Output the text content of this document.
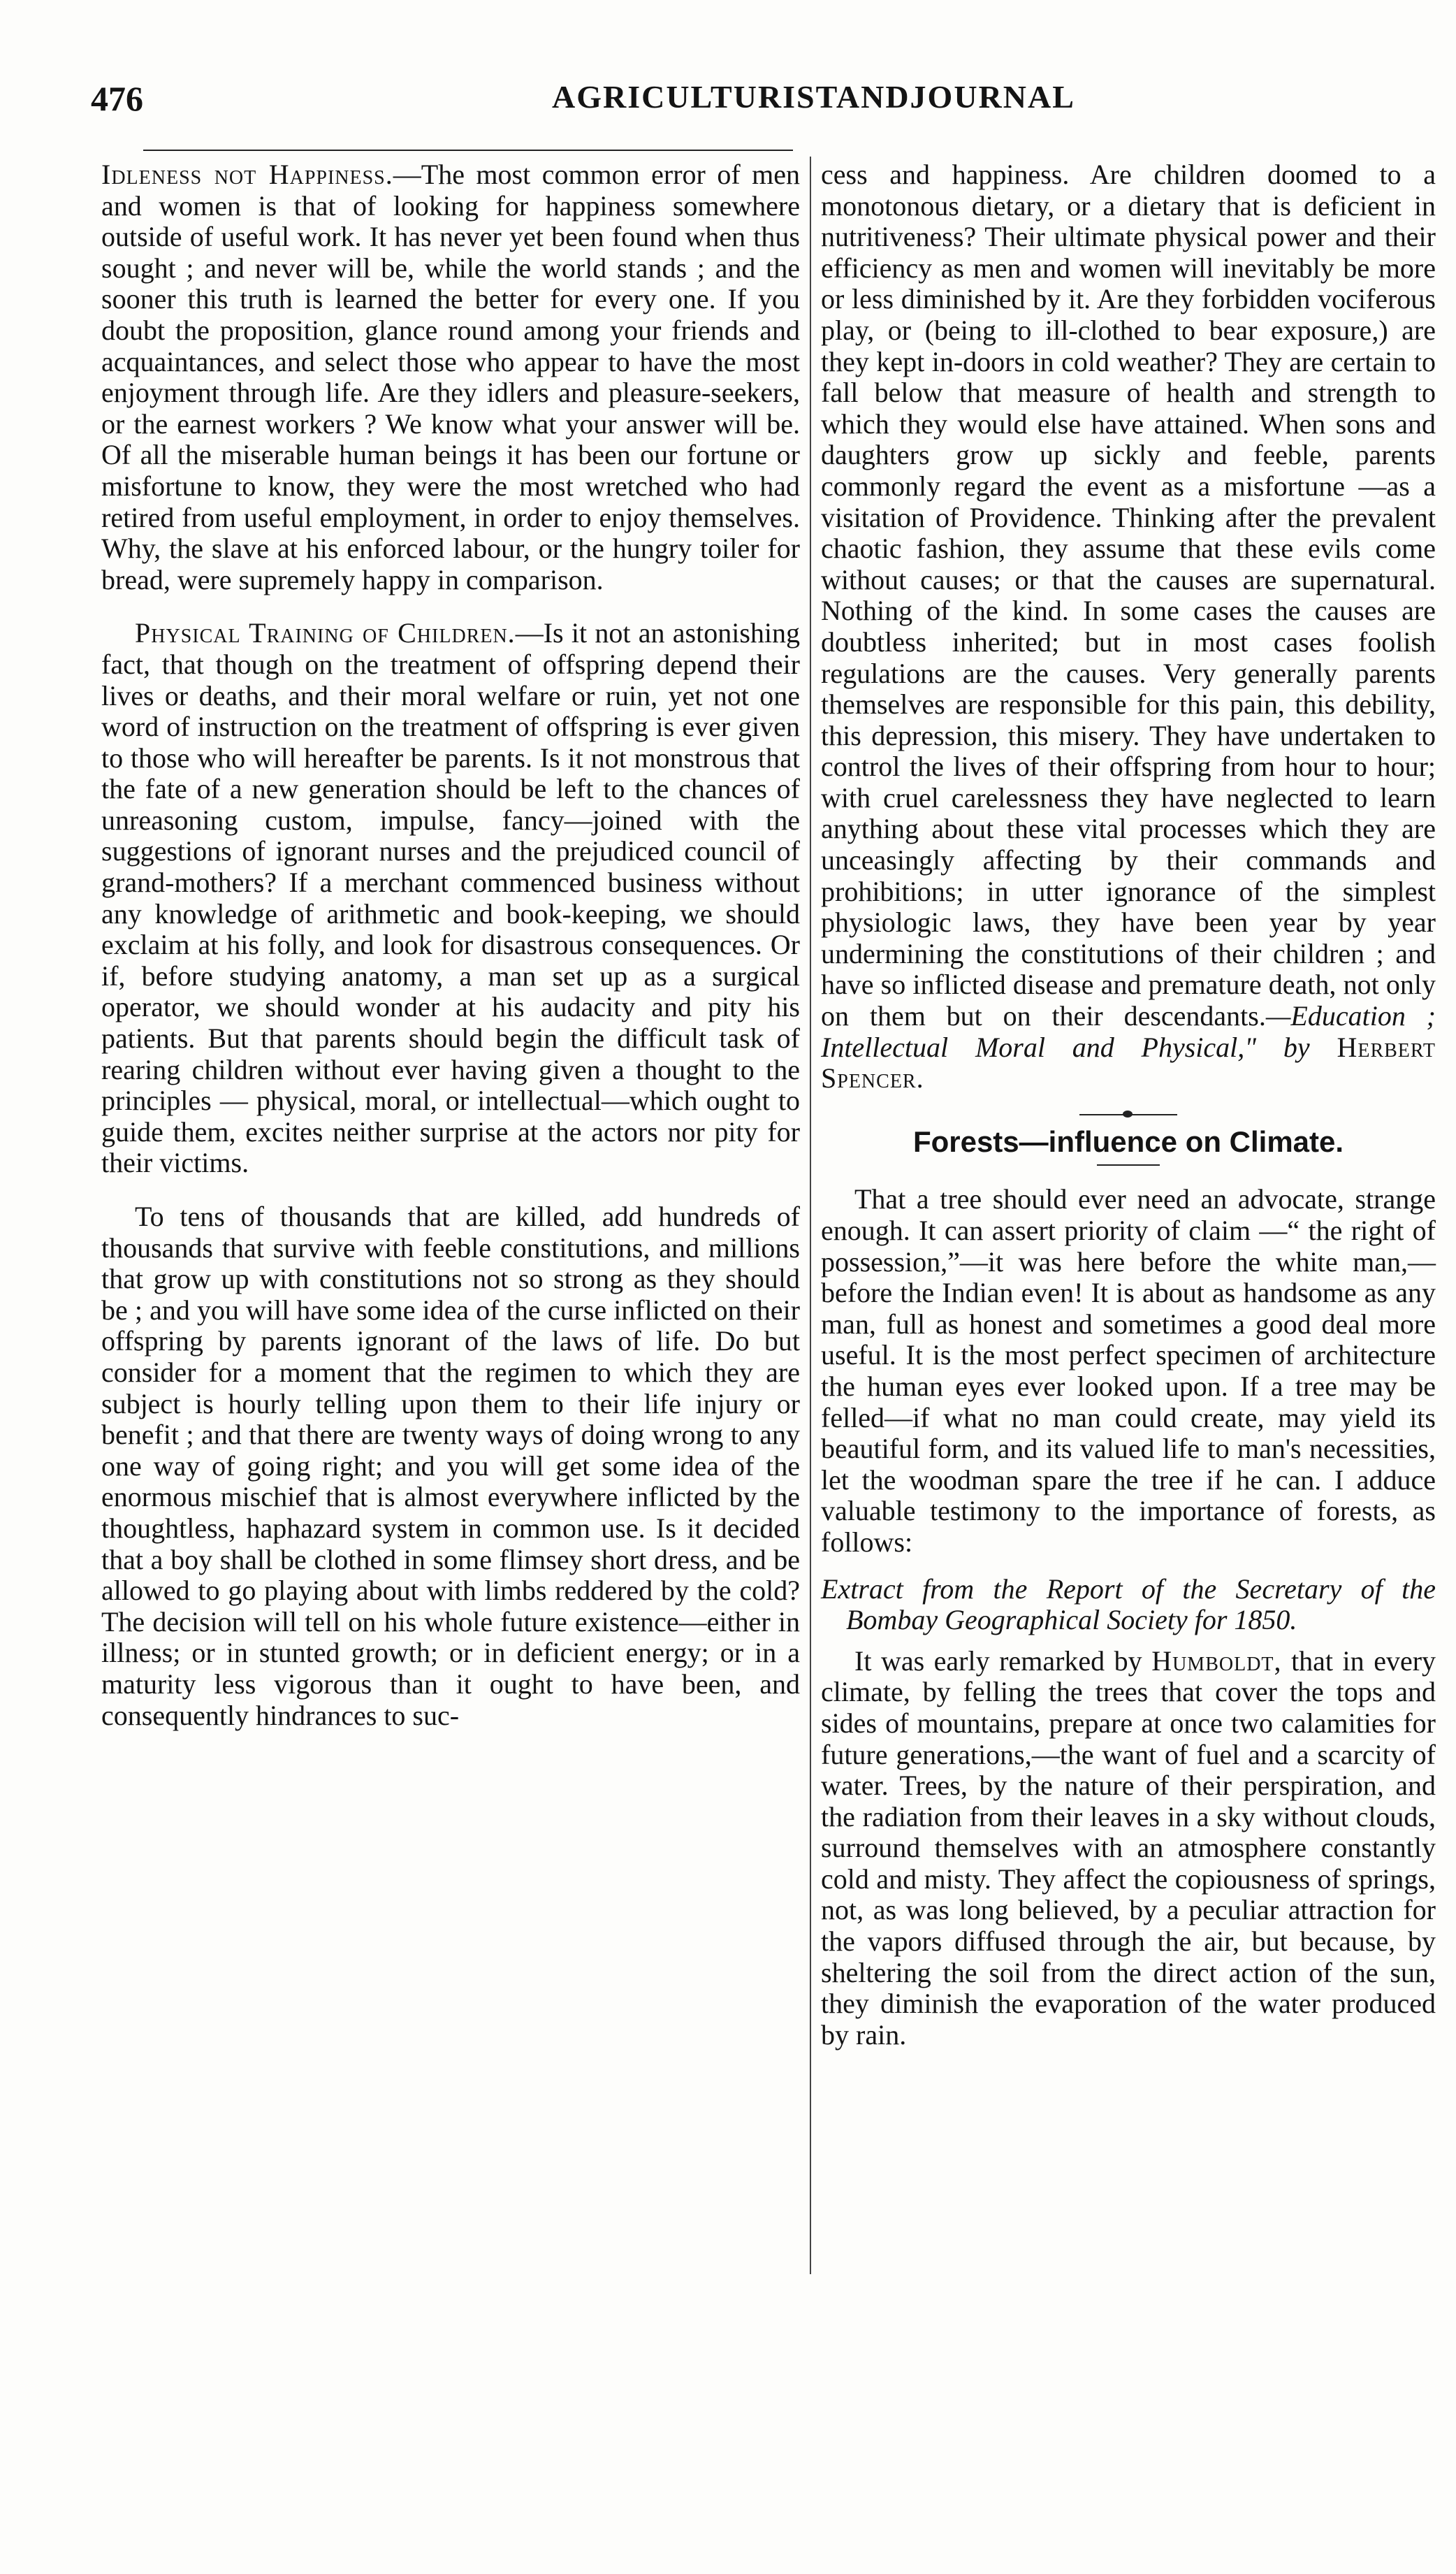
476	AGRICULTURISTANDJOURNAL

Idleness not Happiness.—The most common error of men and women is that of looking for happiness somewhere outside of useful work. It has never yet been found when thus sought ; and never will be, while the world stands ; and the sooner this truth is learned the better for every one. If you doubt the proposition, glance round among your friends and acquaintances, and select those who appear to have the most enjoyment through life. Are they idlers and pleasure-seekers, or the earnest workers ? We know what your answer will be. Of all the miserable human beings it has been our fortune or misfortune to know, they were the most wretched who had retired from useful employment, in order to enjoy themselves. Why, the slave at his enforced labour, or the hungry toiler for bread, were supremely happy in comparison.

Physical Training of Children.—Is it not an astonishing fact, that though on the treatment of offspring depend their lives or deaths, and their moral welfare or ruin, yet not one word of instruction on the treatment of offspring is ever given to those who will hereafter be parents. Is it not monstrous that the fate of a new generation should be left to the chances of unreasoning custom, impulse, fancy—joined with the suggestions of ignorant nurses and the prejudiced council of grand-mothers? If a merchant commenced business without any knowledge of arithmetic and book-keeping, we should exclaim at his folly, and look for disastrous consequences. Or if, before studying anatomy, a man set up as a surgical operator, we should wonder at his audacity and pity his patients. But that parents should begin the difficult task of rearing children without ever having given a thought to the principles — physical, moral, or intellectual—which ought to guide them, excites neither surprise at the actors nor pity for their victims.

To tens of thousands that are killed, add hundreds of thousands that survive with feeble constitutions, and millions that grow up with constitutions not so strong as they should be ; and you will have some idea of the curse inflicted on their offspring by parents ignorant of the laws of life. Do but consider for a moment that the regimen to which they are subject is hourly telling upon them to their life injury or benefit ; and that there are twenty ways of doing wrong to any one way of going right; and you will get some idea of the enormous mischief that is almost everywhere inflicted by the thoughtless, haphazard system in common use. Is it decided that a boy shall be clothed in some flimsey short dress, and be allowed to go playing about with limbs reddered by the cold? The decision will tell on his whole future existence—either in illness; or in stunted growth; or in deficient energy; or in a maturity less vigorous than it ought to have been, and consequently hindrances to suc-

cess and happiness. Are children doomed to a monotonous dietary, or a dietary that is deficient in nutritiveness? Their ultimate physical power and their efficiency as men and women will inevitably be more or less diminished by it. Are they forbidden vociferous play, or (being to ill-clothed to bear exposure,) are they kept in-doors in cold weather? They are certain to fall below that measure of health and strength to which they would else have attained. When sons and daughters grow up sickly and feeble, parents commonly regard the event as a misfortune —as a visitation of Providence. Thinking after the prevalent chaotic fashion, they assume that these evils come without causes; or that the causes are supernatural. Nothing of the kind. In some cases the causes are doubtless inherited; but in most cases foolish regulations are the causes. Very generally parents themselves are responsible for this pain, this debility, this depression, this misery. They have undertaken to control the lives of their offspring from hour to hour; with cruel carelessness they have neglected to learn anything about these vital processes which they are unceasingly affecting by their commands and prohibitions; in utter ignorance of the simplest physiologic laws, they have been year by year undermining the constitutions of their children ; and have so inflicted disease and premature death, not only on them but on their descendants.—Education ; Intellectual Moral and Physical," by Herbert Spencer.

Forests—influence on Climate.

That a tree should ever need an advocate, strange enough. It can assert priority of claim —“ the right of possession,”—it was here before the white man,—before the Indian even! It is about as handsome as any man, full as honest and sometimes a good deal more useful. It is the most perfect specimen of architecture the human eyes ever looked upon. If a tree may be felled—if what no man could create, may yield its beautiful form, and its valued life to man's necessities, let the woodman spare the tree if he can. I adduce valuable testimony to the importance of forests, as follows:

Extract from the Report of the Secretary of the Bombay Geographical Society for 1850.

It was early remarked by Humboldt, that in every climate, by felling the trees that cover the tops and sides of mountains, prepare at once two calamities for future generations,—the want of fuel and a scarcity of water. Trees, by the nature of their perspiration, and the radiation from their leaves in a sky without clouds, surround themselves with an atmosphere constantly cold and misty. They affect the copiousness of springs, not, as was long believed, by a peculiar attraction for the vapors diffused through the air, but because, by sheltering the soil from the direct action of the sun, they diminish the evaporation of the water produced by rain.
